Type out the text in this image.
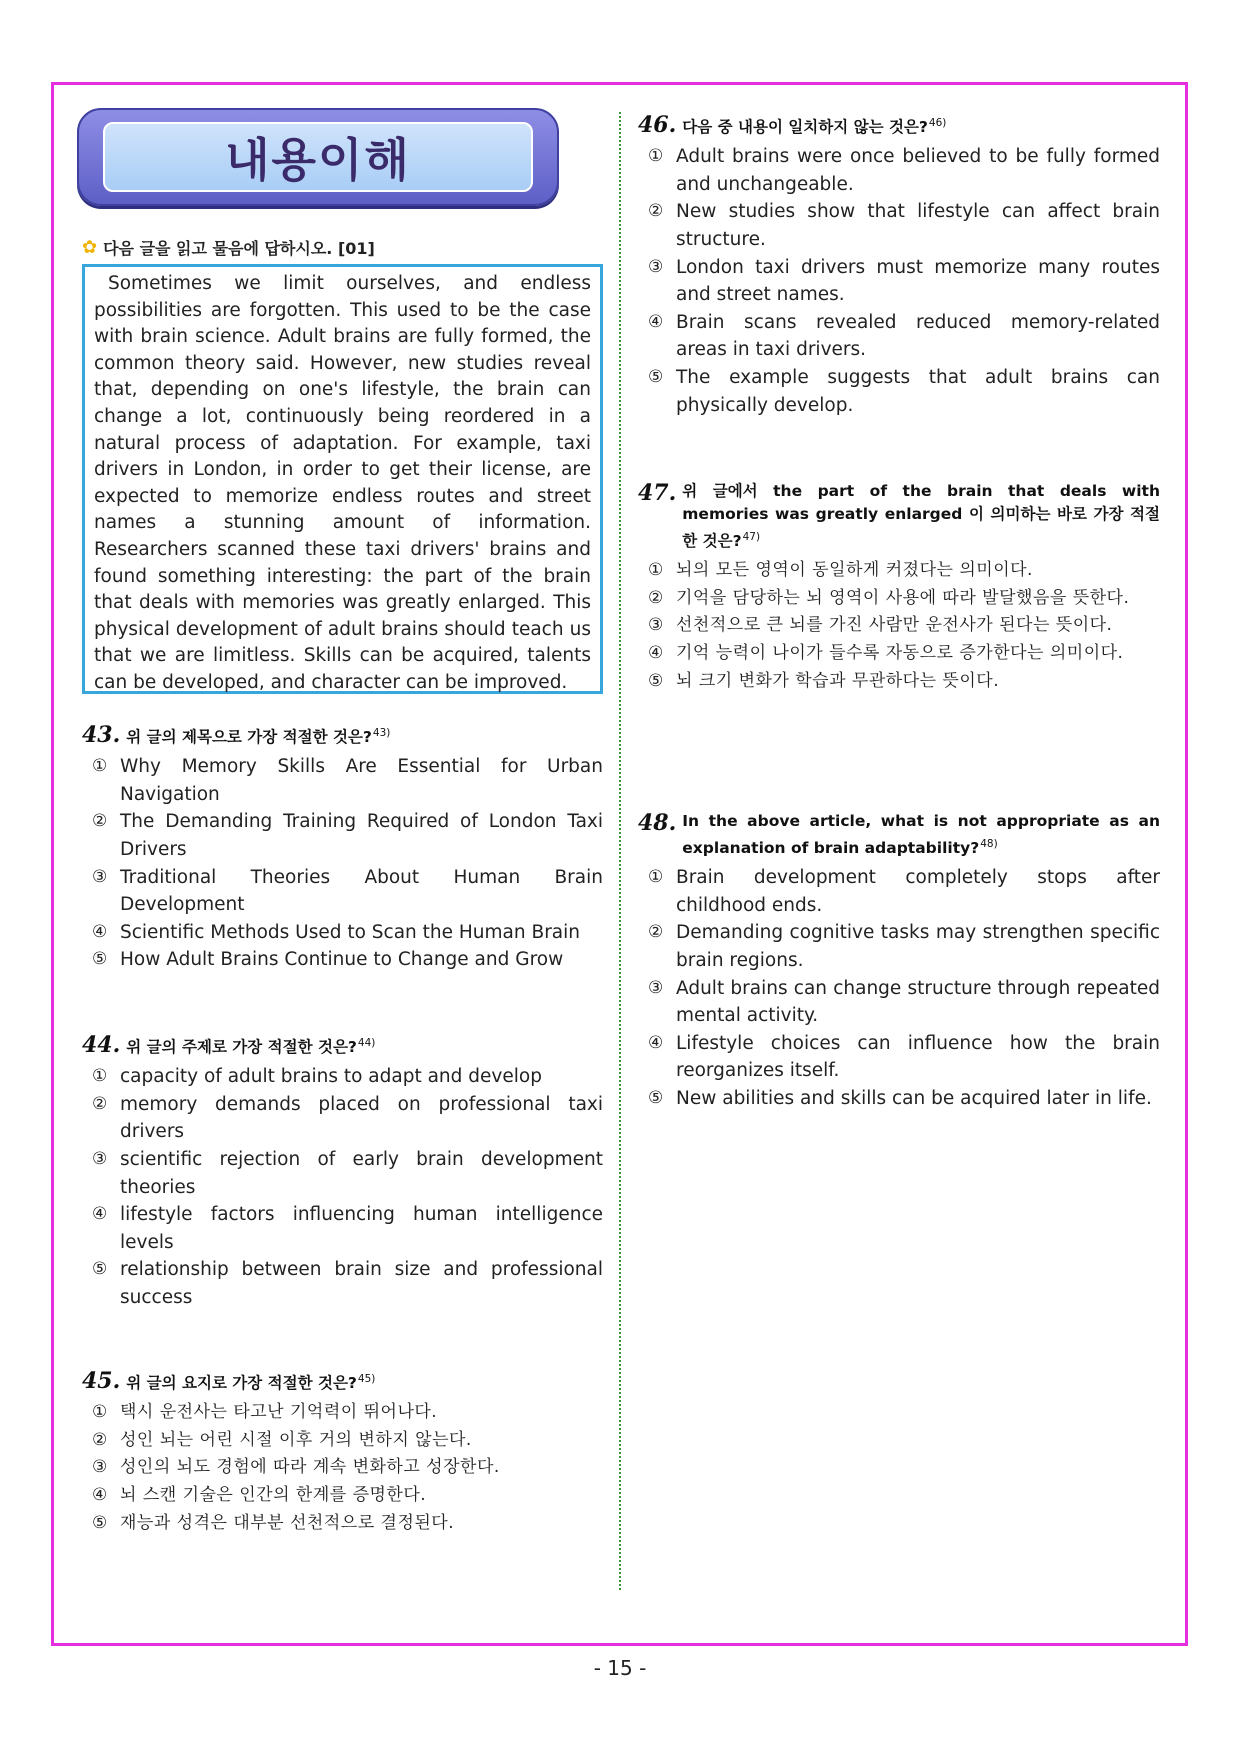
내용이해
✿ 다음 글을 읽고 물음에 답하시오. [01]
Sometimes we limit ourselves, and endless possibilities are forgotten. This used to be the case with brain science. Adult brains are fully formed, the common theory said. However, new studies reveal that, depending on one's lifestyle, the brain can change a lot, continuously being reordered in a natural process of adaptation. For example, taxi drivers in London, in order to get their license, are expected to memorize endless routes and street names a stunning amount of information. Researchers scanned these taxi drivers' brains and found something interesting: the part of the brain that deals with memories was greatly enlarged. This physical development of adult brains should teach us that we are limitless. Skills can be acquired, talents can be developed, and character can be improved.
43. 위 글의 제목으로 가장 적절한 것은?$^{43)}$
① Why Memory Skills Are Essential for Urban Navigation
② The Demanding Training Required of London Taxi Drivers
③ Traditional Theories About Human Brain Development
④ Scientific Methods Used to Scan the Human Brain
⑤ How Adult Brains Continue to Change and Grow
44. 위 글의 주제로 가장 적절한 것은?$^{44)}$
① capacity of adult brains to adapt and develop
② memory demands placed on professional taxi drivers
③ scientific rejection of early brain development theories
④ lifestyle factors influencing human intelligence levels
⑤ relationship between brain size and professional success
45. 위 글의 요지로 가장 적절한 것은?$^{45)}$
① 택시 운전사는 타고난 기억력이 뛰어나다.
② 성인 뇌는 어린 시절 이후 거의 변하지 않는다.
③ 성인의 뇌도 경험에 따라 계속 변화하고 성장한다.
④ 뇌 스캔 기술은 인간의 한계를 증명한다.
⑤ 재능과 성격은 대부분 선천적으로 결정된다.
46. 다음 중 내용이 일치하지 않는 것은?$^{46)}$
① Adult brains were once believed to be fully formed and unchangeable.
② New studies show that lifestyle can affect brain structure.
③ London taxi drivers must memorize many routes and street names.
④ Brain scans revealed reduced memory-related areas in taxi drivers.
⑤ The example suggests that adult brains can physically develop.
47. 위 글에서 the part of the brain that deals with memories was greatly enlarged 이 의미하는 바로 가장 적절한 것은?$^{47)}$
① 뇌의 모든 영역이 동일하게 커졌다는 의미이다.
② 기억을 담당하는 뇌 영역이 사용에 따라 발달했음을 뜻한다.
③ 선천적으로 큰 뇌를 가진 사람만 운전사가 된다는 뜻이다.
④ 기억 능력이 나이가 들수록 자동으로 증가한다는 의미이다.
⑤ 뇌 크기 변화가 학습과 무관하다는 뜻이다.
48. In the above article, what is not appropriate as an explanation of brain adaptability?$^{48)}$
① Brain development completely stops after childhood ends.
② Demanding cognitive tasks may strengthen specific brain regions.
③ Adult brains can change structure through repeated mental activity.
④ Lifestyle choices can influence how the brain reorganizes itself.
⑤ New abilities and skills can be acquired later in life.
- 15 -
